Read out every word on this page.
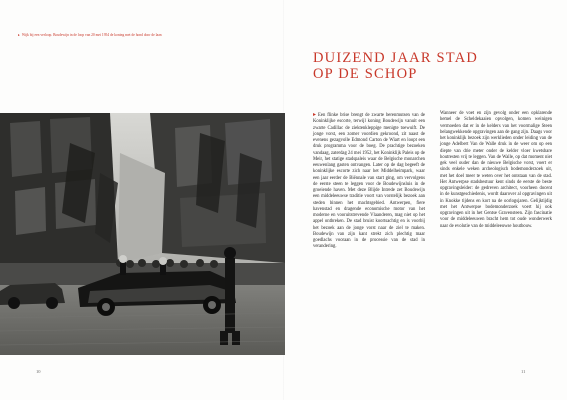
▸ Wijk bij een verloop. Boudewijn in de loop van 20 mei 1954 de koning met de hond door de laan
DUIZEND JAAR STAD
OP DE SCHOP

▸ Een flinke brise brengt de zwarte berenmutsen van de Koninklijke escorte, terwijl koning Boudewijn vanuit een zwarte Cadillac de ziektenkleppige menigte toewuift. De jonge vorst, een zomer voordien gekroond, zit naast de evenens gezagvolle Edmond Carton de Wiart en loopt een druk programma voor de boeg. De prachtige bezoeken vandaag, zaterdag 24 mei 1952, het Koninklijk Paleis op de Meir, het statige stadspaleis waar de Belgische monarchen eeuwenlang gasten ontvangen. Later op de dag begeeft de koninklijke escorte zich naar het Middelheimpark, waar een jaar eerder de Biënnale van start ging, om vervolgens de eerste steen te leggen voor de Boudewijnsluis in de groeiende haven. Met deze Blijde Intrede zet Boudewijn een middeleeuwse traditie voort van vorstelijk bezoek aan steden binnen het machtsgebied. Antwerpen, fiere havenstad en dragende economische motor van het moderne en vooruitstrevende Vlaanderen, mag niet op het appel ontbreken. De stad bruist koortsachtig en is voorbij het bezoek aan de jonge vorst naar de ziel te maken. Boudewijn van zijn kant strekt zich plechtig maar goedlachs vooraan in de processie van de stad in verandering.

Wanneer de voet en zijn gevolg onder een opklarende hemel de Scheldekaaien opvolgen, komen weinigen vermoeden dat er in de kelders van het voormalige Steen belangwekkende opgravingen aan de gang zijn. Daags voor het koninklijk bezoek zijn werklieden onder leiding van de jonge Adelbert Van de Walle druk in de weer om op een diepte van drie meter onder de kelder vloer kwetsbare houtresten vrij te leggen. Van de Walle, op dat moment niet gek veel ouder dan de nieuwe Belgische vorst, voert er sinds enkele weken archeologisch bodemonderzoek uit, met het doel meer te weten over het ontstaan van de stad. Het Antwerpse stadsbestuur kent sinds de eerste de beste opgravingsleider: de gedreven architect, voorheen docent in de kunstgeschiedenis, wordt daarover al opgravingen uit in Knokke tijdens en kort na de oorlogsjaren. Gelijktijdig met het Antwerpse bodemonderzoek voert hij ook opgravingen uit in het Gentse Gravensteen. Zijn fascinatie voor de middeleeuwen bracht hem tot oude wonderwerk naar de evolutie van de middeleeuwse houtbouw.

10	11
